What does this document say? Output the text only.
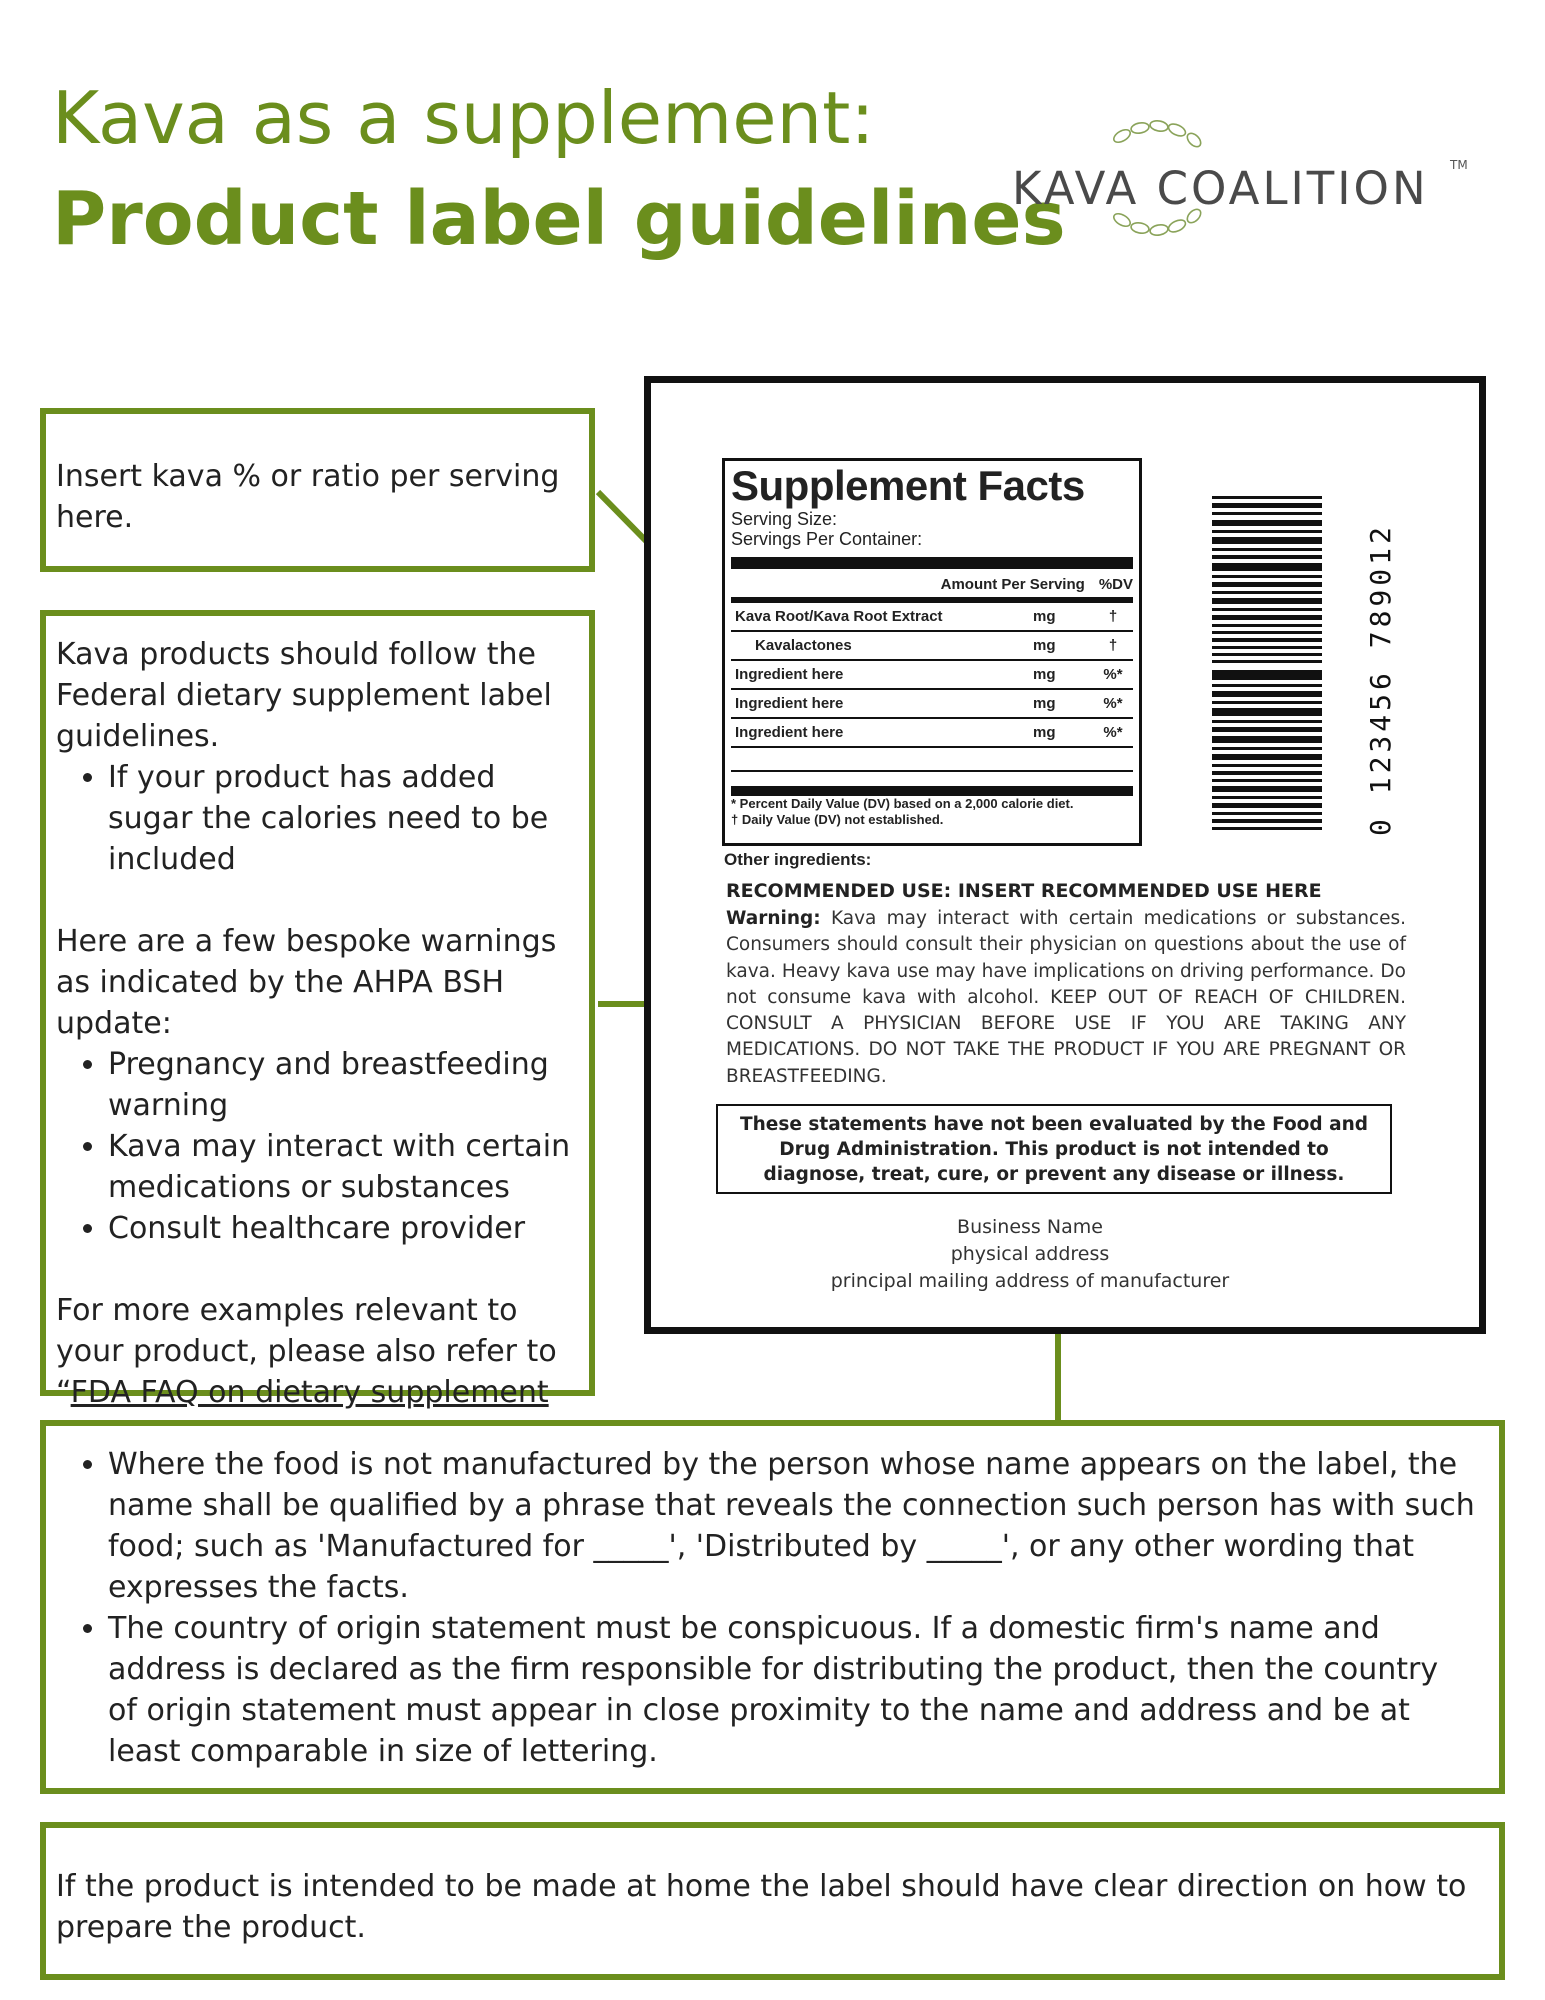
Kava as a supplement:
Product label guidelines
KAVA COALITION TM

Insert kava % or ratio per serving here.

Kava products should follow the Federal dietary supplement label guidelines.

• If your product has added sugar the calories need to be included

Here are a few bespoke warnings as indicated by the AHPA BSH update:

• Pregnancy and breastfeeding warning
• Kava may interact with certain medications or substances
• Consult healthcare provider

For more examples relevant to your product, please also refer to “FDA FAQ on dietary supplement

Supplement Facts
Serving Size:
Servings Per Container:
Amount Per Serving %DV
Kava Root/Kava Root Extract	mg	†
Kavalactones	mg	†
Ingredient here	mg	%*
Ingredient here	mg	%*
Ingredient here	mg	%*
* Percent Daily Value (DV) based on a 2,000 calorie diet.
† Daily Value (DV) not established.	0 123456 789012
Other ingredients:
RECOMMENDED USE: INSERT RECOMMENDED USE HERE
Warning: Kava may interact with certain medications or substances. Consumers should consult their physician on questions about the use of kava. Heavy kava use may have implications on driving performance. Do not consume kava with alcohol. KEEP OUT OF REACH OF CHILDREN. CONSULT A PHYSICIAN BEFORE USE IF YOU ARE TAKING ANY MEDICATIONS. DO NOT TAKE THE PRODUCT IF YOU ARE PREGNANT OR BREASTFEEDING.
These statements have not been evaluated by the Food and Drug Administration. This product is not intended to diagnose, treat, cure, or prevent any disease or illness.
Business Name
physical address
principal mailing address of manufacturer
• Where the food is not manufactured by the person whose name appears on the label, the name shall be qualified by a phrase that reveals the connection such person has with such food; such as 'Manufactured for _____', 'Distributed by _____', or any other wording that expresses the facts.
• The country of origin statement must be conspicuous. If a domestic firm's name and address is declared as the firm responsible for distributing the product, then the country of origin statement must appear in close proximity to the name and address and be at least comparable in size of lettering.

If the product is intended to be made at home the label should have clear direction on how to prepare the product.
